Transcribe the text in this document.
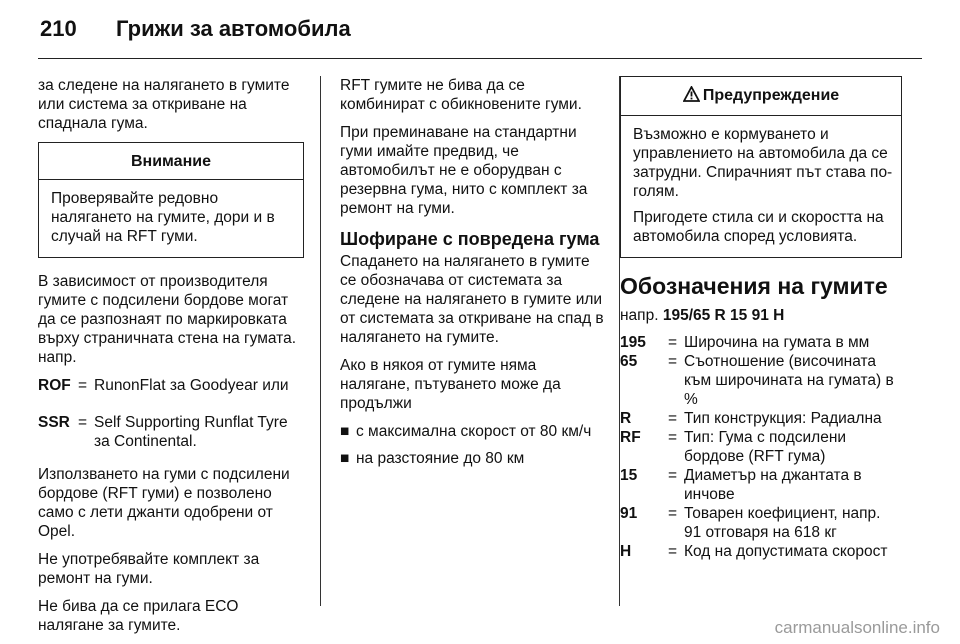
210 Грижи за автомобила

за следене на налягането в гумите или система за откриване на спаднала гума.

Внимание

Проверявайте редовно налягането на гумите, дори и в случай на RFT гуми.

В зависимост от производителя гумите с подсилени бордове могат да се разпознаят по маркировката върху страничната стена на гумата. напр.

ROF = RunonFlat за Goodyear или
SSR = Self Supporting Runflat Tyre за Continental.

Използването на гуми с подсилени бордове (RFT гуми) е позволено само с лети джанти одобрени от Opel.

Не употребявайте комплект за ремонт на гуми.

Не бива да се прилага ECO налягане за гумите.

RFT гумите не бива да се комбинират с обикновените гуми.

При преминаване на стандартни гуми имайте предвид, че автомобилът не е оборудван с резервна гума, нито с комплект за ремонт на гуми.

Шофиране с повредена гума

Спадането на налягането в гумите се обозначава от системата за следене на налягането в гумите или от системата за откриване на спад в налягането на гумите.

Ако в някоя от гумите няма налягане, пътуването може да продължи

■ с максимална скорост от 80 км/ч
■ на разстояние до 80 км
Предупреждение

Възможно е кормуването и управлението на автомобила да се затрудни. Спирачният път става по-голям.

Пригодете стила си и скоростта на автомобила според условията.

Обозначения на гумите
напр. 195/65 R 15 91 H
195	= Широчина на гумата в мм
65	= Съотношение (височината към широчината на гумата) в %
R	= Тип конструкция: Радиална
RF	= Тип: Гума с подсилени бордове (RFT гума)
15	= Диаметър на джантата в инчове
91	= Товарен коефициент, напр. 91 отговаря на 618 кг
H	= Код на допустимата скорост
carmanualsonline.info
